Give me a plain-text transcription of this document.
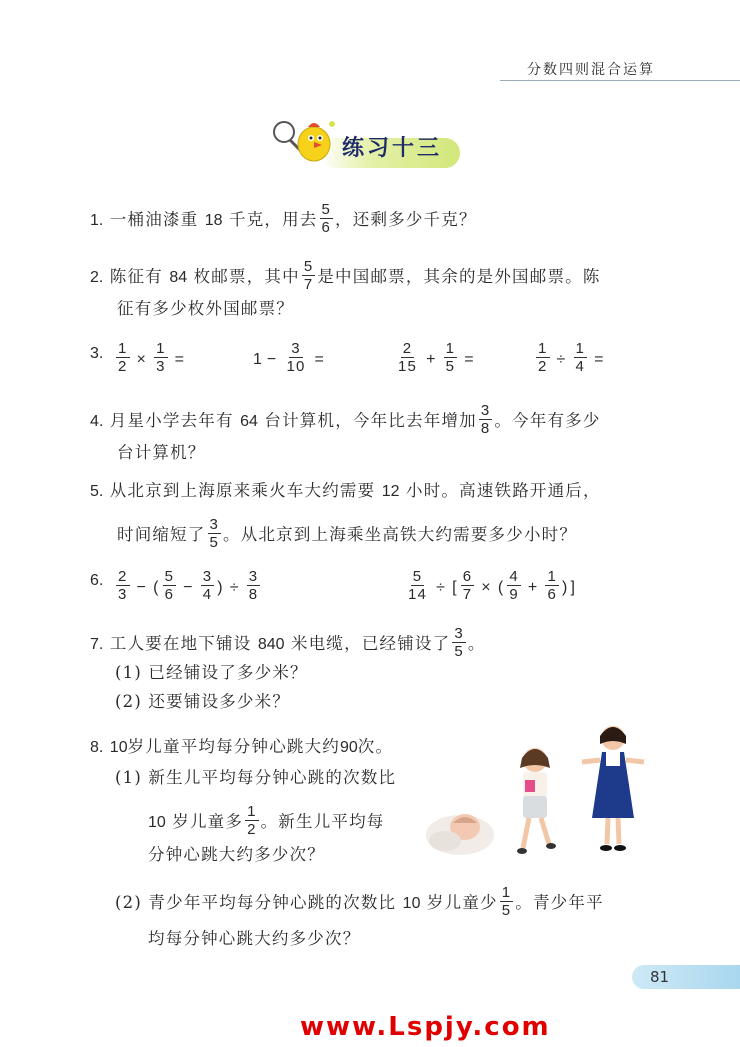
分数四则混合运算
练习十三
1. 一桶油漆重 18 千克，用去 $\frac{5}{6}$ ，还剩多少千克？
2. 陈征有 84 枚邮票，其中 $\frac{5}{7}$ 是中国邮票，其余的是外国邮票。陈
征有多少枚外国邮票？
3. $\frac{1}{2} \times \frac{1}{3}$ =	$1 - \frac{3}{10}$ =	$\frac{2}{15} + \frac{1}{5}$ =	$\frac{1}{2} \div \frac{1}{4}$ =
4. 月星小学去年有 64 台计算机，今年比去年增加 $\frac{3}{8}$ 。今年有多少
台计算机？
5. 从北京到上海原来乘火车大约需要 12 小时。高速铁路开通后，
时间缩短了 $\frac{3}{5}$ 。从北京到上海乘坐高铁大约需要多少小时？
6. $\frac{2}{3}$ − ( $\frac{5}{6} - \frac{3}{4}$ ) ÷ $\frac{3}{8}$	$\frac{5}{14}$ ÷ [ $\frac{6}{7}$ × ( $\frac{4}{9} + \frac{1}{6}$ ) ]
7. 工人要在地下铺设 840 米电缆，已经铺设了 $\frac{3}{5}$ 。
(1) 已经铺设了多少米？
(2) 还要铺设多少米？
8. 10岁儿童平均每分钟心跳大约90次。
(1) 新生儿平均每分钟心跳的次数比
10 岁儿童多 $\frac{1}{2}$ 。新生儿平均每
分钟心跳大约多少次？
(2) 青少年平均每分钟心跳的次数比 10 岁儿童少 $\frac{1}{5}$ 。青少年平
均每分钟心跳大约多少次？
81
www.Lspjy.com
